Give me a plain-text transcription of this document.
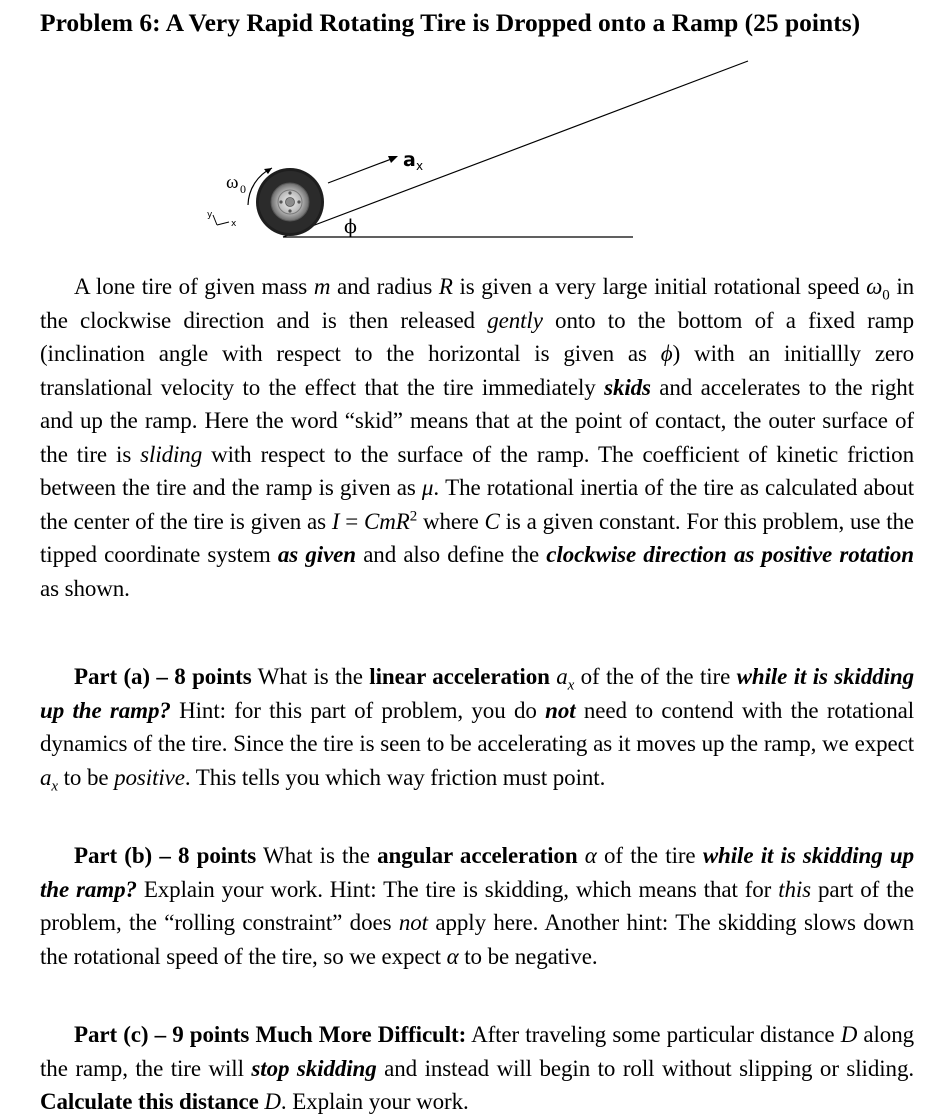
Problem 6: A Very Rapid Rotating Tire is Dropped onto a Ramp (25 points)
ω 0
a x
ϕ
y
x

A lone tire of given mass m and radius R is given a very large initial rotational speed $\omega_0$ in the clockwise direction and is then released gently onto to the bottom of a fixed ramp (inclination angle with respect to the horizontal is given as ϕ) with an initiallly zero translational velocity to the effect that the tire immediately skids and accelerates to the right and up the ramp. Here the word “skid” means that at the point of contact, the outer surface of the tire is sliding with respect to the surface of the ramp. The coefficient of kinetic friction between the tire and the ramp is given as μ. The rotational inertia of the tire as calculated about the center of the tire is given as I = CmR$^2$ where C is a given constant. For this problem, use the tipped coordinate system as given and also define the clockwise direction as positive rotation as shown.

Part (a) – 8 points What is the linear acceleration $a_x$ of the of the tire while it is skidding up the ramp? Hint: for this part of problem, you do not need to contend with the rotational dynamics of the tire. Since the tire is seen to be accelerating as it moves up the ramp, we expect $a_x$ to be positive. This tells you which way friction must point.

Part (b) – 8 points What is the angular acceleration α of the tire while it is skidding up the ramp? Explain your work. Hint: The tire is skidding, which means that for this part of the problem, the “rolling constraint” does not apply here. Another hint: The skidding slows down the rotational speed of the tire, so we expect α to be negative.

Part (c) – 9 points Much More Difficult: After traveling some particular distance D along the ramp, the tire will stop skidding and instead will begin to roll without slipping or sliding. Calculate this distance D. Explain your work.
